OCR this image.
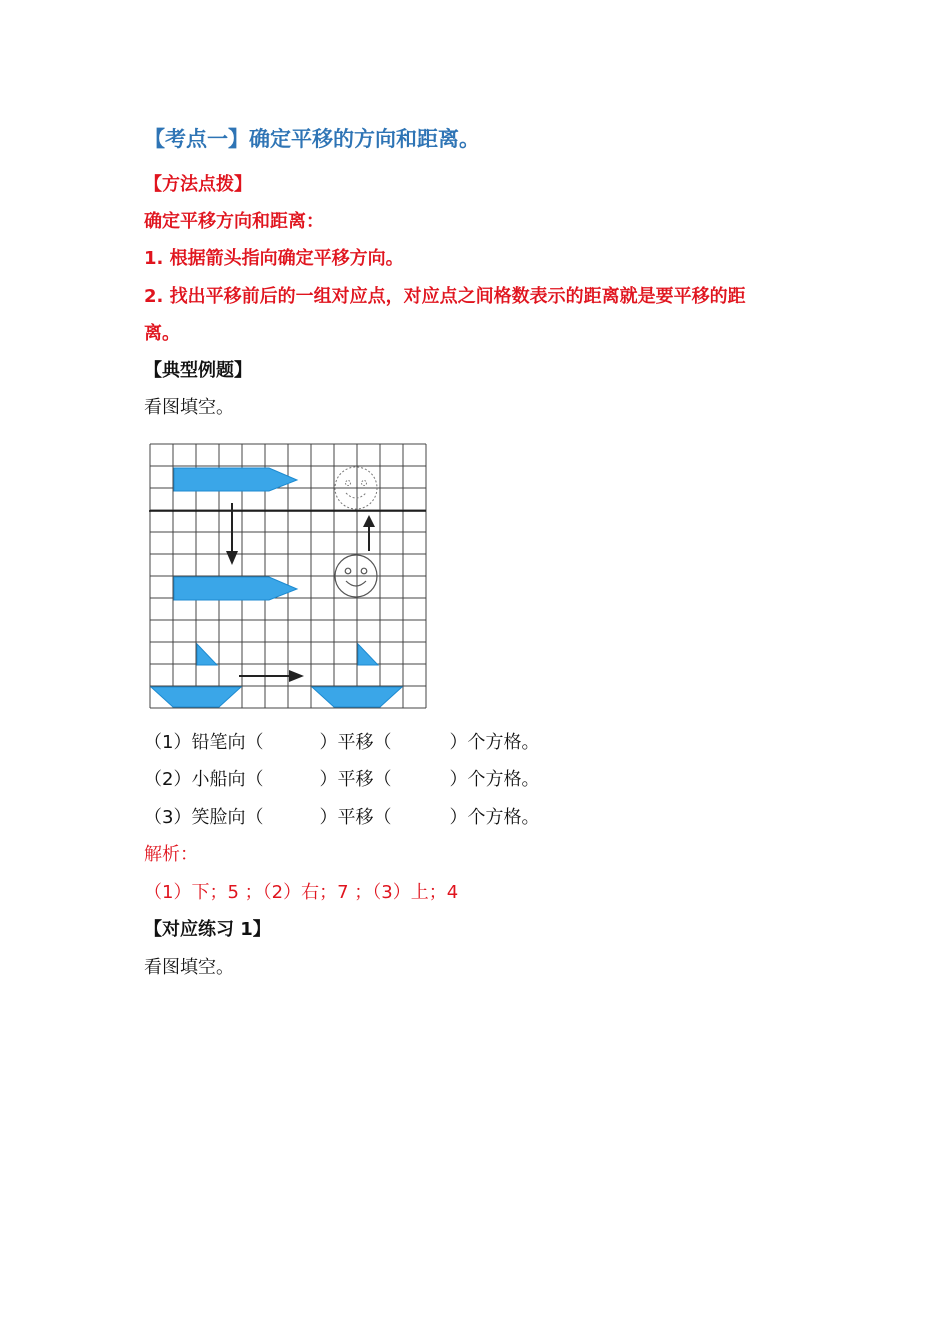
【考点一】确定平移的方向和距离。
【方法点拨】
确定平移方向和距离：
1. 根据箭头指向确定平移方向。
2. 找出平移前后的一组对应点，对应点之间格数表示的距离就是要平移的距
离。
【典型例题】
看图填空。
（1）铅笔向（	）平移（	）个方格。
（2）小船向（	）平移（	）个方格。
（3）笑脸向（	）平移（	）个方格。
解析：
（1）下；5 ；（2）右；7 ；（3）上；4
【对应练习 1】
看图填空。
